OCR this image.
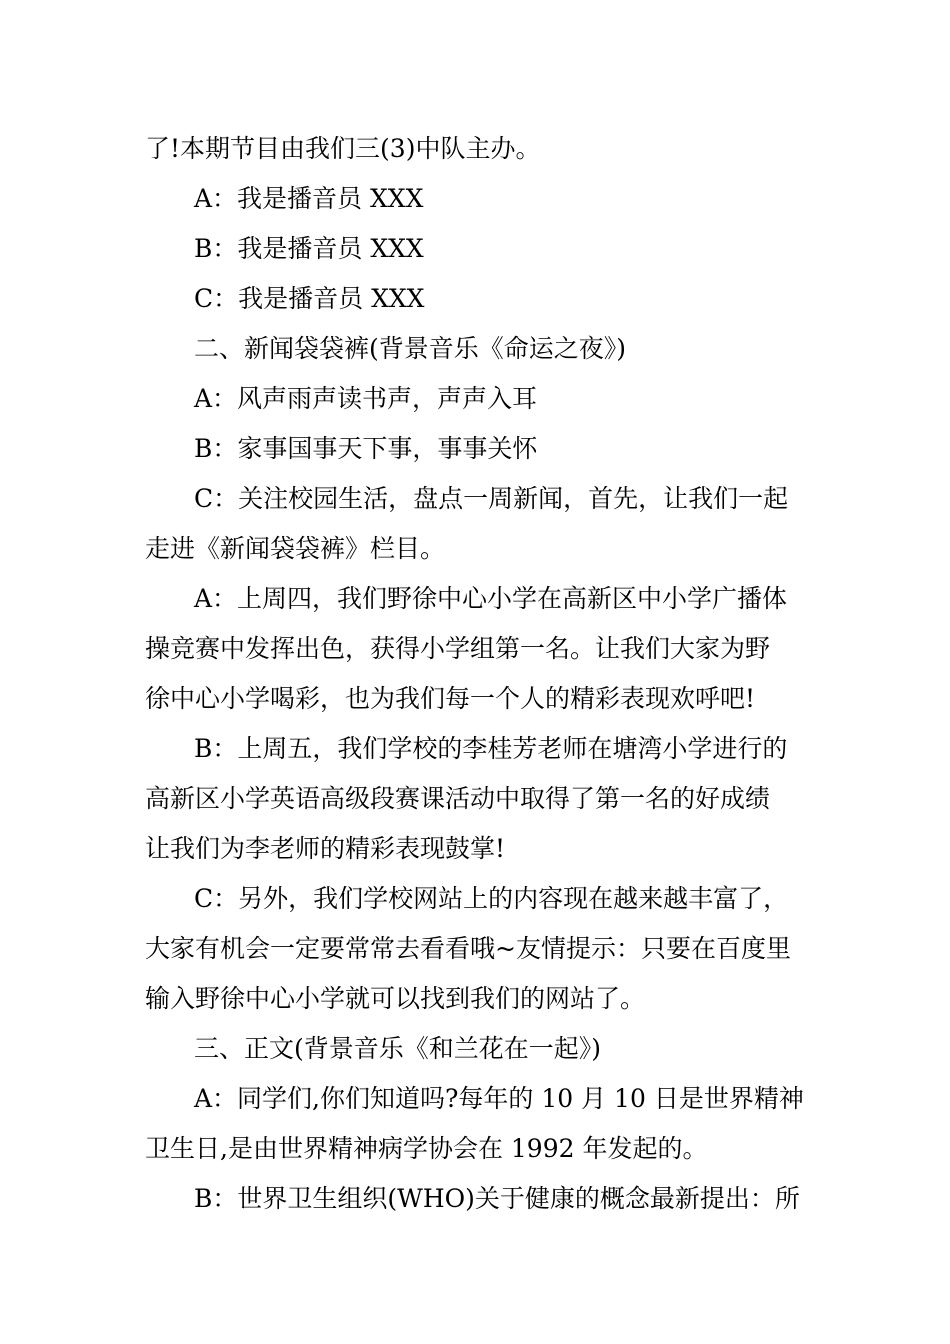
了!本期节目由我们三(3)中队主办。
A：我是播音员 XXX
B：我是播音员 XXX
C：我是播音员 XXX
二、新闻袋袋裤(背景音乐《命运之夜》)
A：风声雨声读书声，声声入耳
B：家事国事天下事，事事关怀
C：关注校园生活，盘点一周新闻，首先，让我们一起
走进《新闻袋袋裤》栏目。
A：上周四，我们野徐中心小学在高新区中小学广播体
操竞赛中发挥出色，获得小学组第一名。让我们大家为野
徐中心小学喝彩，也为我们每一个人的精彩表现欢呼吧!
B：上周五，我们学校的李桂芳老师在塘湾小学进行的
高新区小学英语高级段赛课活动中取得了第一名的好成绩
让我们为李老师的精彩表现鼓掌!
C：另外，我们学校网站上的内容现在越来越丰富了，
大家有机会一定要常常去看看哦~友情提示：只要在百度里
输入野徐中心小学就可以找到我们的网站了。
三、正文(背景音乐《和兰花在一起》)
A：同学们,你们知道吗?每年的 10 月 10 日是世界精神
卫生日,是由世界精神病学协会在 1992 年发起的。
B：世界卫生组织(WHO)关于健康的概念最新提出：所
